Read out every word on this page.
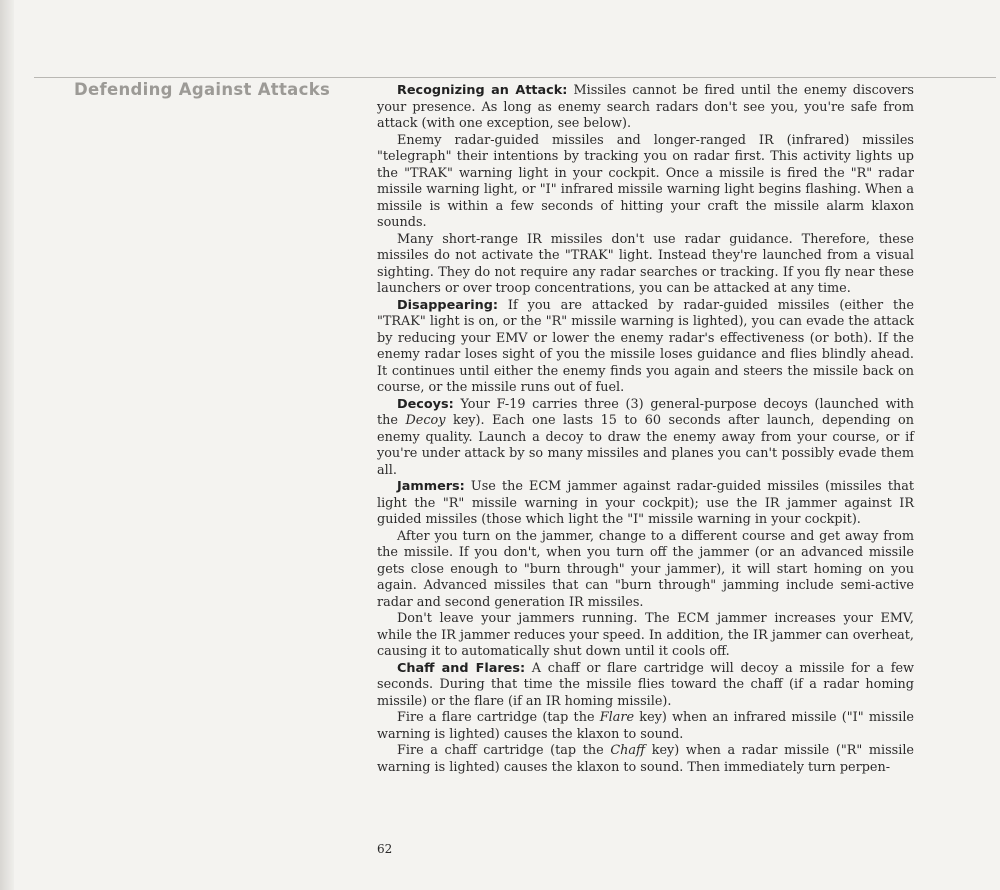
Defending Against Attacks	Recognizing an Attack: Missiles cannot be fired until the enemy discovers your presence. As long as enemy search radars don't see you, you're safe from attack (with one exception, see below).

Enemy radar-guided missiles and longer-ranged IR (infrared) missiles "telegraph" their intentions by tracking you on radar first. This activity lights up the "TRAK" warning light in your cockpit. Once a missile is fired the "R" radar missile warning light, or "I" infrared missile warning light begins flashing. When a missile is within a few seconds of hitting your craft the missile alarm klaxon sounds.

Many short-range IR missiles don't use radar guidance. Therefore, these missiles do not activate the "TRAK" light. Instead they're launched from a visual sighting. They do not require any radar searches or tracking. If you fly near these launchers or over troop concentrations, you can be attacked at any time.

Disappearing: If you are attacked by radar-guided missiles (either the "TRAK" light is on, or the "R" missile warning is lighted), you can evade the attack by reducing your EMV or lower the enemy radar's effectiveness (or both). If the enemy radar loses sight of you the missile loses guidance and flies blindly ahead. It continues until either the enemy finds you again and steers the missile back on course, or the missile runs out of fuel.

Decoys: Your F-19 carries three (3) general-purpose decoys (launched with the Decoy key). Each one lasts 15 to 60 seconds after launch, depending on enemy quality. Launch a decoy to draw the enemy away from your course, or if you're under attack by so many missiles and planes you can't possibly evade them all.

Jammers: Use the ECM jammer against radar-guided missiles (missiles that light the "R" missile warning in your cockpit); use the IR jammer against IR guided missiles (those which light the "I" missile warning in your cockpit).

After you turn on the jammer, change to a different course and get away from the missile. If you don't, when you turn off the jammer (or an advanced missile gets close enough to "burn through" your jammer), it will start homing on you again. Advanced missiles that can "burn through" jamming include semi-active radar and second generation IR missiles.

Don't leave your jammers running. The ECM jammer increases your EMV, while the IR jammer reduces your speed. In addition, the IR jammer can overheat, causing it to automatically shut down until it cools off.

Chaff and Flares: A chaff or flare cartridge will decoy a missile for a few seconds. During that time the missile flies toward the chaff (if a radar homing missile) or the flare (if an IR homing missile).

Fire a flare cartridge (tap the Flare key) when an infrared missile ("I" missile warning is lighted) causes the klaxon to sound.

Fire a chaff cartridge (tap the Chaff key) when a radar missile ("R" missile warning is lighted) causes the klaxon to sound. Then immediately turn perpen-

62
